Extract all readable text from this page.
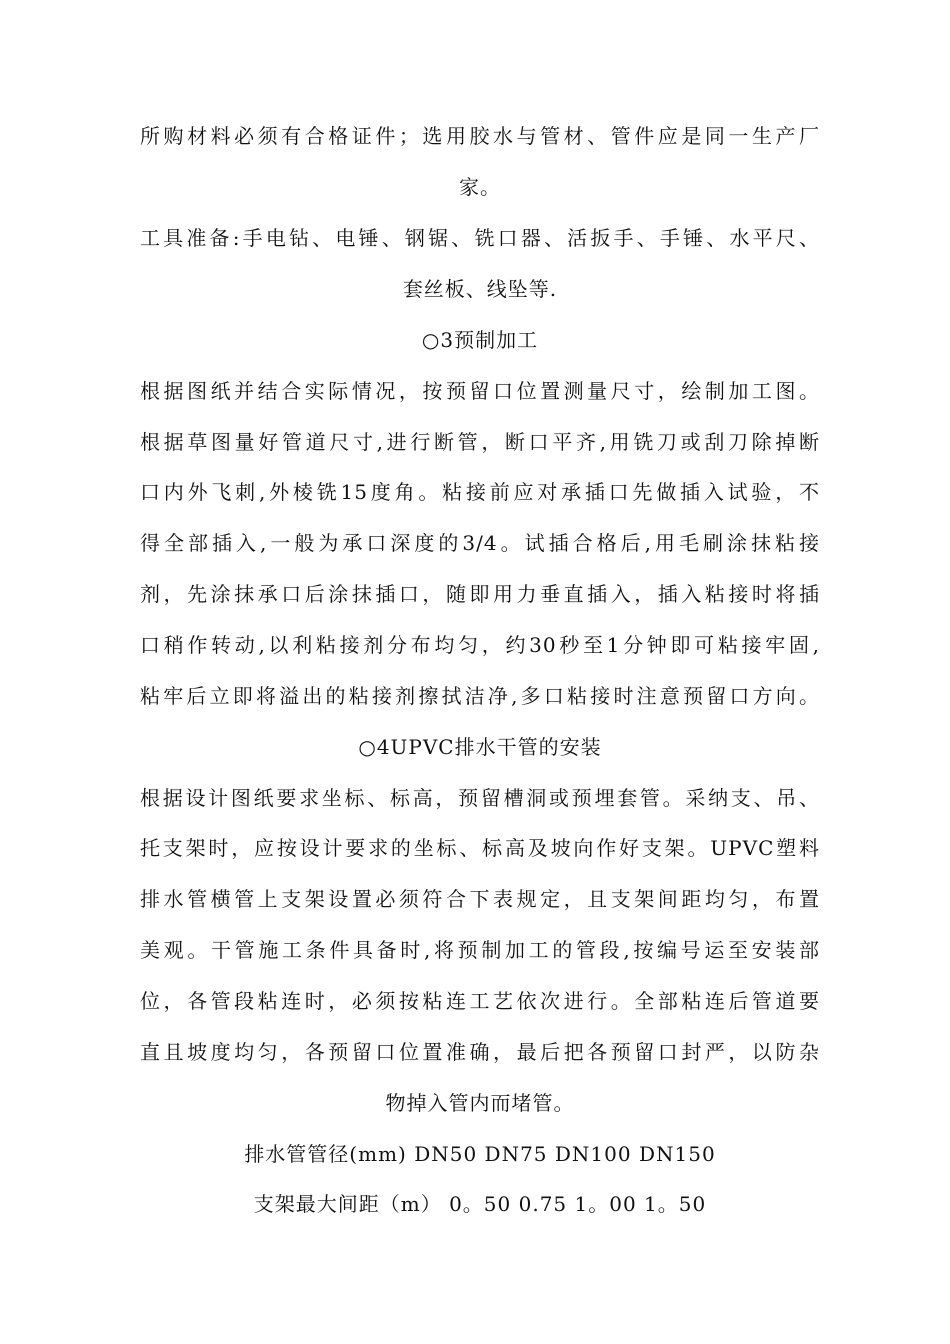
所购材料必须有合格证件；选用胶水与管材、管件应是同一生产厂
家。
工具准备:手电钻、电锤、钢锯、铣口器、活扳手、手锤、水平尺、
套丝板、线坠等.
○3预制加工
根据图纸并结合实际情况，按预留口位置测量尺寸，绘制加工图。
根据草图量好管道尺寸,进行断管，断口平齐,用铣刀或刮刀除掉断
口内外飞刺,外棱铣15度角。粘接前应对承插口先做插入试验，不
得全部插入,一般为承口深度的3/4。试插合格后,用毛刷涂抹粘接
剂，先涂抹承口后涂抹插口，随即用力垂直插入，插入粘接时将插
口稍作转动,以利粘接剂分布均匀，约30秒至1分钟即可粘接牢固,
粘牢后立即将溢出的粘接剂擦拭洁净,多口粘接时注意预留口方向。
○4UPVC排水干管的安装
根据设计图纸要求坐标、标高，预留槽洞或预埋套管。采纳支、吊、
托支架时，应按设计要求的坐标、标高及坡向作好支架。UPVC塑料
排水管横管上支架设置必须符合下表规定，且支架间距均匀，布置
美观。干管施工条件具备时,将预制加工的管段,按编号运至安装部
位，各管段粘连时，必须按粘连工艺依次进行。全部粘连后管道要
直且坡度均匀，各预留口位置准确，最后把各预留口封严，以防杂
物掉入管内而堵管。
排水管管径(mm) DN50 DN75 DN100 DN150
支架最大间距（m） 0。50 0.75 1。00 1。50
